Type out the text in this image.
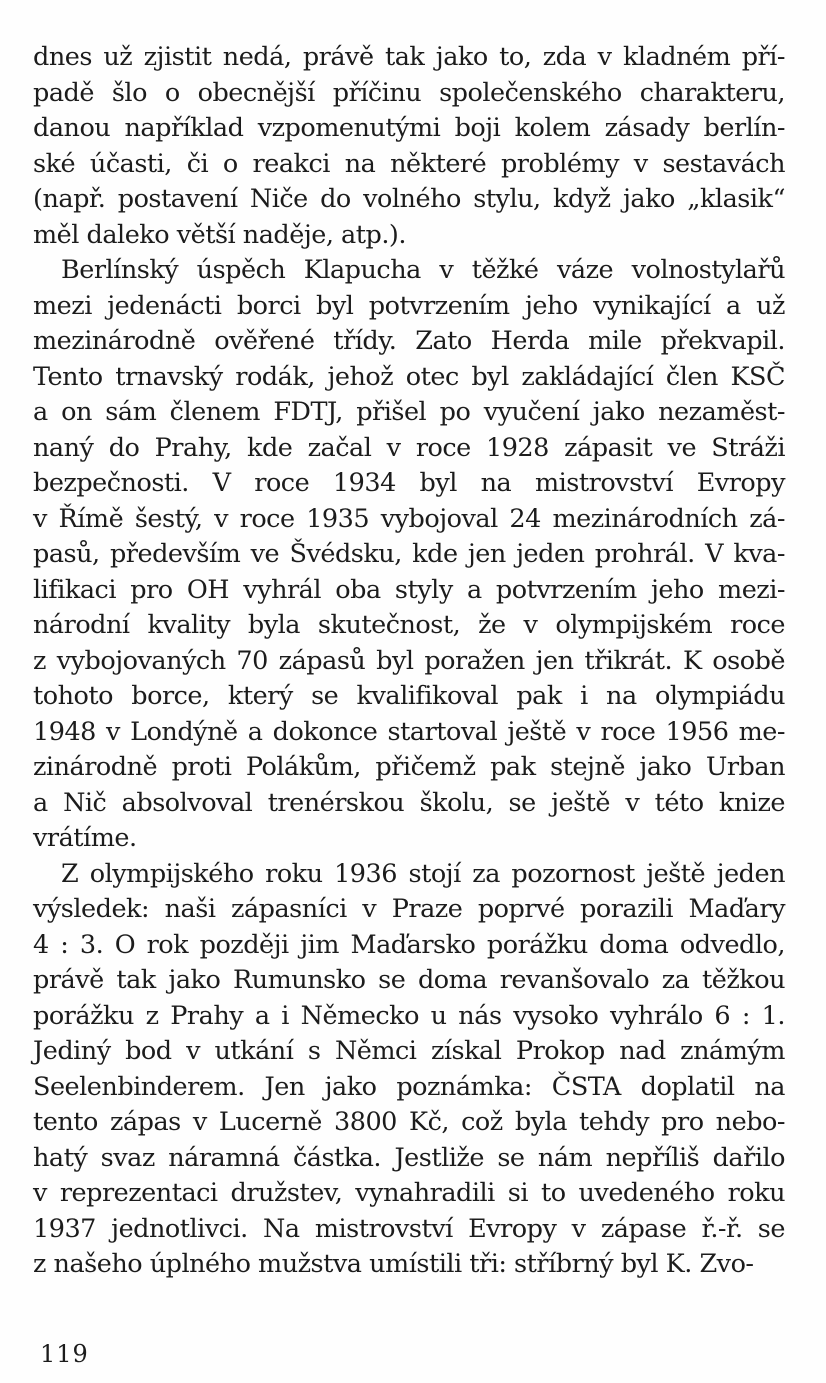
dnes už zjistit nedá, právě tak jako to, zda v kladném pří-
padě šlo o obecnější příčinu společenského charakteru,
danou například vzpomenutými boji kolem zásady berlín-
ské účasti, či o reakci na některé problémy v sestavách
(např. postavení Niče do volného stylu, když jako „klasik“
měl daleko větší naděje, atp.).
Berlínský úspěch Klapucha v těžké váze volnostylařů
mezi jedenácti borci byl potvrzením jeho vynikající a už
mezinárodně ověřené třídy. Zato Herda mile překvapil.
Tento trnavský rodák, jehož otec byl zakládající člen KSČ
a on sám členem FDTJ, přišel po vyučení jako nezaměst-
naný do Prahy, kde začal v roce 1928 zápasit ve Stráži
bezpečnosti. V roce 1934 byl na mistrovství Evropy
v Římě šestý, v roce 1935 vybojoval 24 mezinárodních zá-
pasů, především ve Švédsku, kde jen jeden prohrál. V kva-
lifikaci pro OH vyhrál oba styly a potvrzením jeho mezi-
národní kvality byla skutečnost, že v olympijském roce
z vybojovaných 70 zápasů byl poražen jen třikrát. K osobě
tohoto borce, který se kvalifikoval pak i na olympiádu
1948 v Londýně a dokonce startoval ještě v roce 1956 me-
zinárodně proti Polákům, přičemž pak stejně jako Urban
a Nič absolvoval trenérskou školu, se ještě v této knize
vrátíme.
Z olympijského roku 1936 stojí za pozornost ještě jeden
výsledek: naši zápasníci v Praze poprvé porazili Maďary
4 : 3. O rok později jim Maďarsko porážku doma odvedlo,
právě tak jako Rumunsko se doma revanšovalo za těžkou
porážku z Prahy a i Německo u nás vysoko vyhrálo 6 : 1.
Jediný bod v utkání s Němci získal Prokop nad známým
Seelenbinderem. Jen jako poznámka: ČSTA doplatil na
tento zápas v Lucerně 3800 Kč, což byla tehdy pro nebo-
hatý svaz náramná částka. Jestliže se nám nepříliš dařilo
v reprezentaci družstev, vynahradili si to uvedeného roku
1937 jednotlivci. Na mistrovství Evropy v zápase ř.-ř. se
z našeho úplného mužstva umístili tři: stříbrný byl K. Zvo-
119
